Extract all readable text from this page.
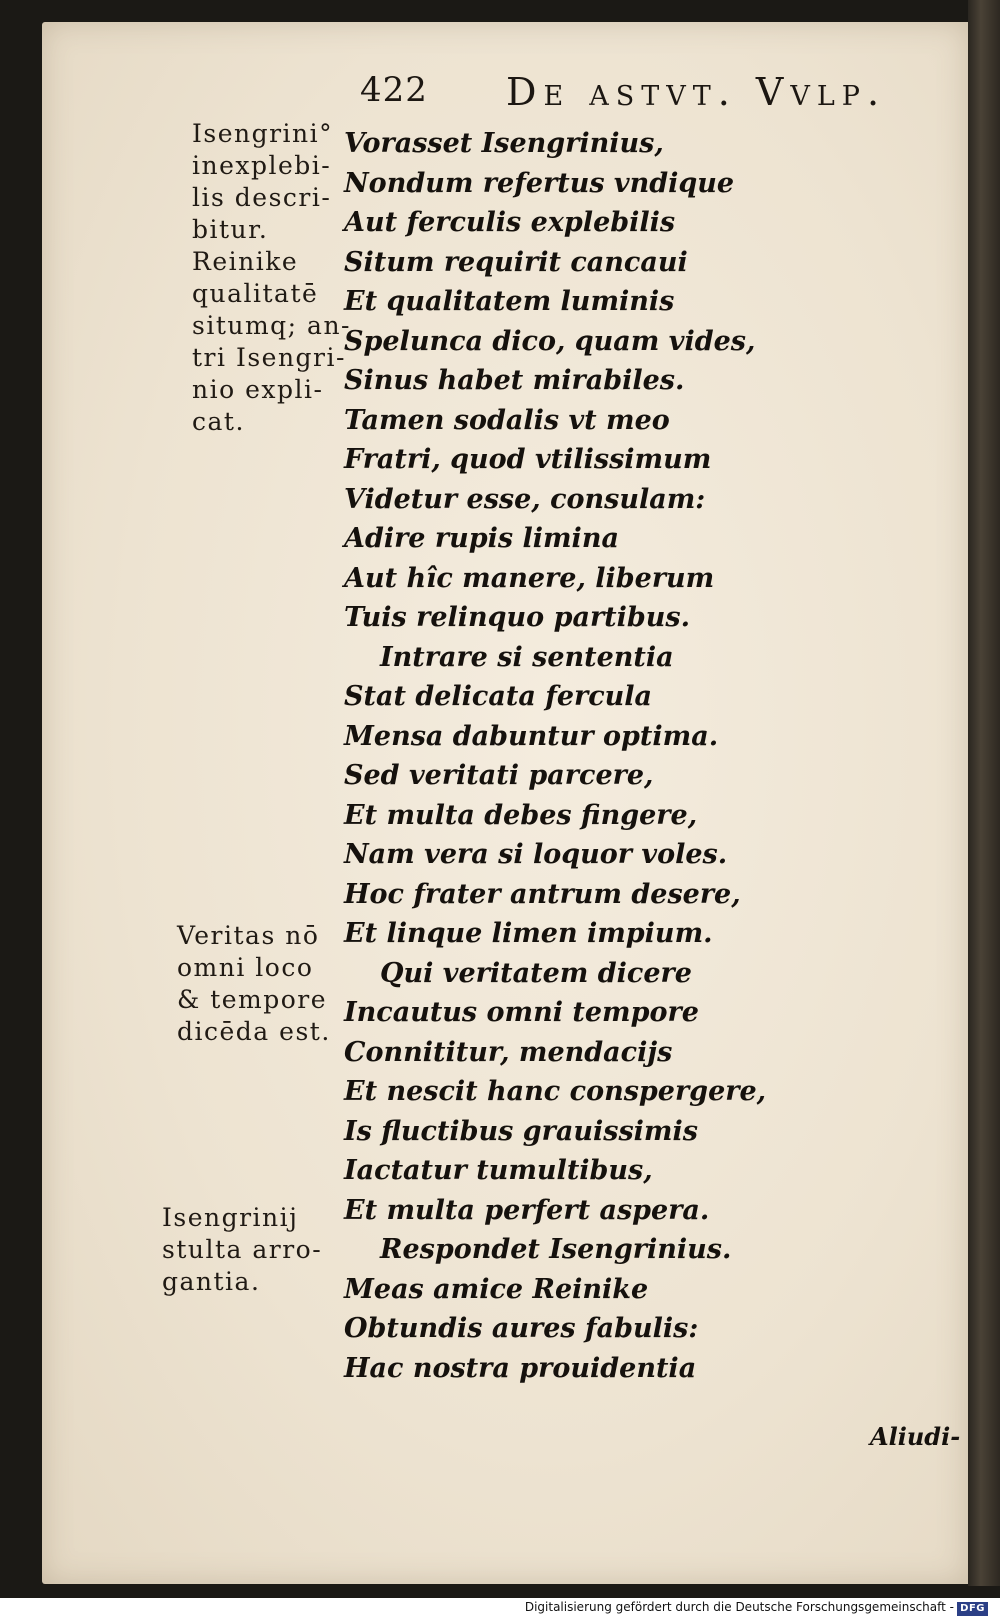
422 De astvt. Vvlp.
Isengrini°
inexplebi-
lis descri-
bitur.
Reinike
qualitatē
situmq; an-
tri Isengri-
nio expli-
cat.
Veritas nō
omni loco
& tempore
dicēda est.
Isengrinij
stulta arro-
gantia.
Vorasset Isengrinius,
Nondum refertus vndique
Aut ferculis explebilis
Situm requirit cancaui
Et qualitatem luminis
Spelunca dico, quam vides,
Sinus habet mirabiles.
Tamen sodalis vt meo
Fratri, quod vtilissimum
Videtur esse, consulam:
Adire rupis limina
Aut hîc manere, liberum
Tuis relinquo partibus.
Intrare si sententia
Stat delicata fercula
Mensa dabuntur optima.
Sed veritati parcere,
Et multa debes fingere,
Nam vera si loquor voles.
Hoc frater antrum desere,
Et linque limen impium.
Qui veritatem dicere
Incautus omni tempore
Connititur, mendacijs
Et nescit hanc conspergere,
Is fluctibus grauissimis
Iactatur tumultibus,
Et multa perfert aspera.
Respondet Isengrinius.
Meas amice Reinike
Obtundis aures fabulis:
Hac nostra prouidentia
Aliudi-
Digitalisierung gefördert durch die Deutsche Forschungsgemeinschaft - DFG
